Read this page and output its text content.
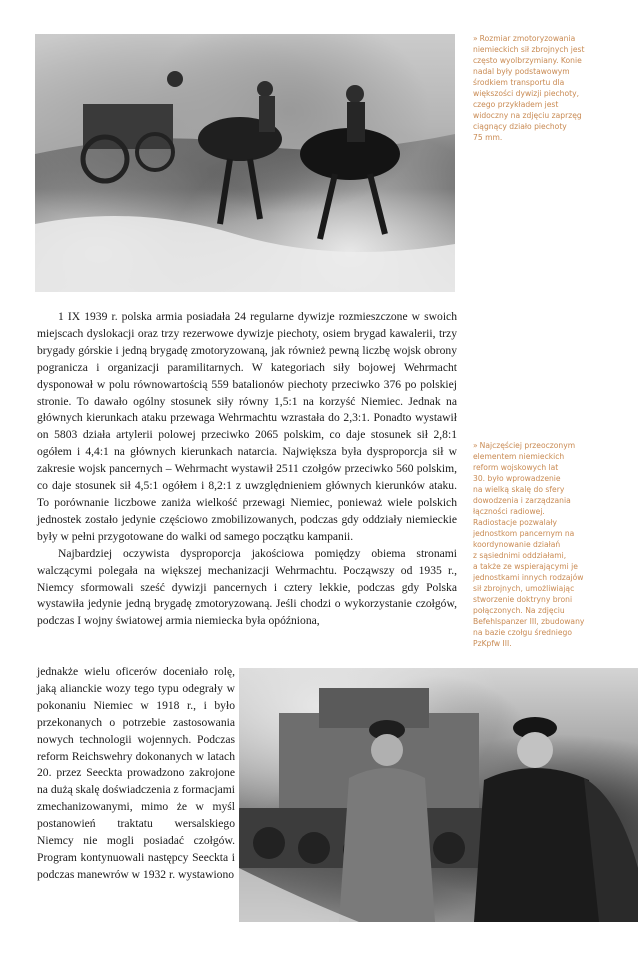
» Rozmiar zmotoryzowania
niemieckich sił zbrojnych jest
często wyolbrzymiany. Konie
nadal były podstawowym
środkiem transportu dla
większości dywizji piechoty,
czego przykładem jest
widoczny na zdjęciu zaprzęg
ciągnący działo piechoty
75 mm.

1 IX 1939 r. polska armia posiadała 24 regularne dywizje rozmieszczone w swoich miejscach dyslokacji oraz trzy rezerwowe dywizje piechoty, osiem brygad kawalerii, trzy brygady górskie i jedną brygadę zmotoryzowaną, jak również pewną liczbę wojsk obrony pogranicza i organizacji paramilitarnych. W kategoriach siły bojowej Wehrmacht dysponował w polu równowartością 559 batalionów piechoty przeciwko 376 po polskiej stronie. To dawało ogólny stosunek siły równy 1,5:1 na korzyść Niemiec. Jednak na głównych kierunkach ataku przewaga Wehrmachtu wzrastała do 2,3:1. Ponadto wystawił on 5803 działa artylerii polowej przeciwko 2065 polskim, co daje stosunek sił 2,8:1 ogółem i 4,4:1 na głównych kierunkach natarcia. Największa była dysproporcja sił w zakresie wojsk pancernych – Wehrmacht wystawił 2511 czołgów przeciwko 560 polskim, co daje stosunek sił 4,5:1 ogółem i 8,2:1 z uwzględnieniem głównych kierunków ataku. To porównanie liczbowe zaniża wielkość przewagi Niemiec, ponieważ wiele polskich jednostek zostało jedynie częściowo zmobilizowanych, podczas gdy oddziały niemieckie były w pełni przygotowane do walki od samego początku kampanii.

Najbardziej oczywista dysproporcja jakościowa pomiędzy obiema stronami walczącymi polegała na większej mechanizacji Wehrmachtu. Począwszy od 1935 r., Niemcy sformowali sześć dywizji pancernych i cztery lekkie, podczas gdy Polska wystawiła jedynie jedną brygadę zmotoryzowaną. Jeśli chodzi o wykorzystanie czołgów, podczas I wojny światowej armia niemiecka była opóźniona,

» Najczęściej przeoczonym
elementem niemieckich
reform wojskowych lat
30. było wprowadzenie
na wielką skalę do sfery
dowodzenia i zarządzania
łączności radiowej.
Radiostacje pozwalały
jednostkom pancernym na
koordynowanie działań
z sąsiednimi oddziałami,
a także ze wspierającymi je
jednostkami innych rodzajów
sił zbrojnych, umożliwiając
stworzenie doktryny broni
połączonych. Na zdjęciu
Befehlspanzer III, zbudowany
na bazie czołgu średniego
PzKpfw III.
jednakże wielu oficerów doceniało rolę, jaką alianckie wozy tego typu odegrały w pokonaniu Niemiec w 1918 r., i było przekonanych o potrzebie zastosowania nowych technologii wojennych. Podczas reform Reichswehry dokonanych w latach 20. przez Seeckta prowadzono zakrojone na dużą skalę doświadczenia z formacjami zmechanizowanymi, mimo że w myśl postanowień traktatu wersalskiego Niemcy nie mogli posiadać czołgów. Program kontynuowali następcy Seeckta i podczas manewrów w 1932 r. wystawiono
